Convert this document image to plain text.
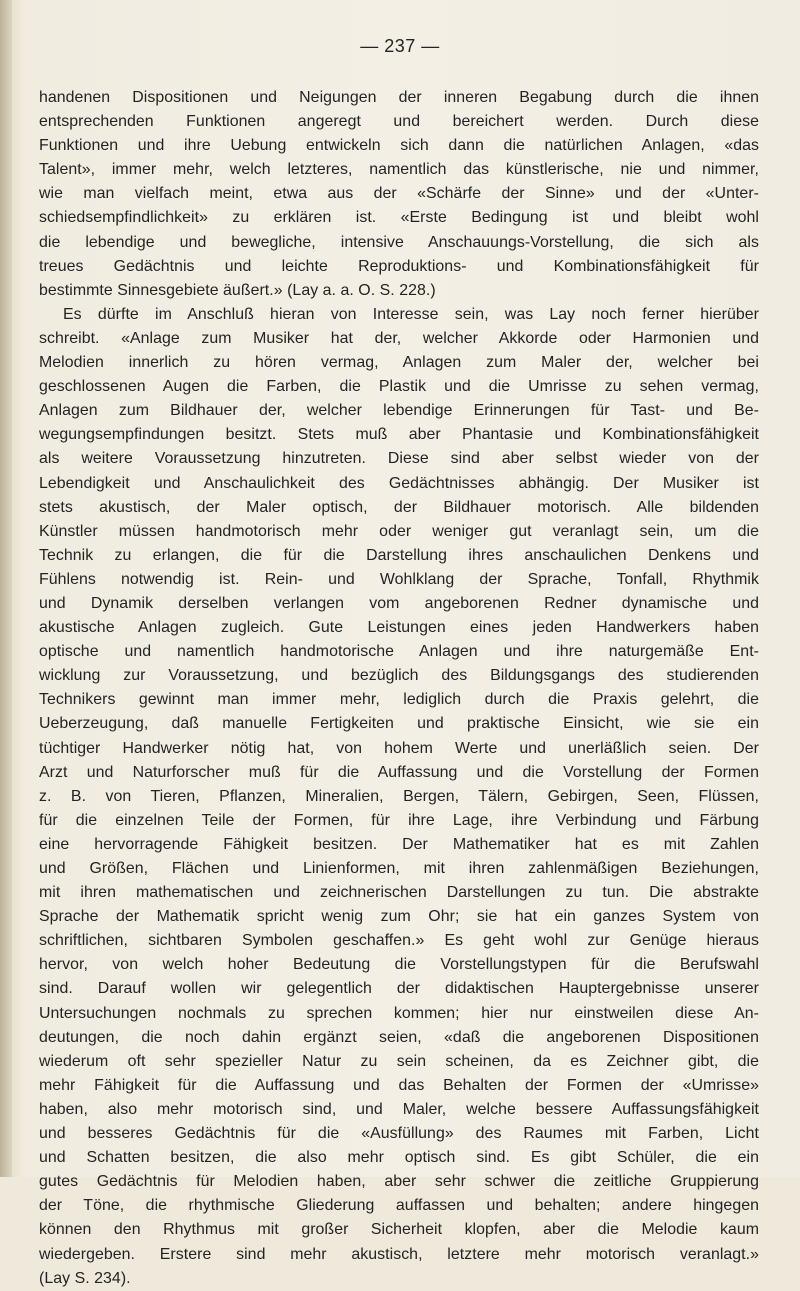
— 237 —
handenen Dispositionen und Neigungen der inneren Begabung durch die ihnen
entsprechenden Funktionen angeregt und bereichert werden. Durch diese
Funktionen und ihre Uebung entwickeln sich dann die natürlichen Anlagen, «das
Talent», immer mehr, welch letzteres, namentlich das künstlerische, nie und nimmer,
wie man vielfach meint, etwa aus der «Schärfe der Sinne» und der «Unter-
schiedsempfindlichkeit» zu erklären ist. «Erste Bedingung ist und bleibt wohl
die lebendige und bewegliche, intensive Anschauungs-Vorstellung, die sich als
treues Gedächtnis und leichte Reproduktions- und Kombinationsfähigkeit für
bestimmte Sinnesgebiete äußert.» (Lay a. a. O. S. 228.)
Es dürfte im Anschluß hieran von Interesse sein, was Lay noch ferner hierüber
schreibt. «Anlage zum Musiker hat der, welcher Akkorde oder Harmonien und
Melodien innerlich zu hören vermag, Anlagen zum Maler der, welcher bei
geschlossenen Augen die Farben, die Plastik und die Umrisse zu sehen vermag,
Anlagen zum Bildhauer der, welcher lebendige Erinnerungen für Tast- und Be-
wegungsempfindungen besitzt. Stets muß aber Phantasie und Kombinationsfähigkeit
als weitere Voraussetzung hinzutreten. Diese sind aber selbst wieder von der
Lebendigkeit und Anschaulichkeit des Gedächtnisses abhängig. Der Musiker ist
stets akustisch, der Maler optisch, der Bildhauer motorisch. Alle bildenden
Künstler müssen handmotorisch mehr oder weniger gut veranlagt sein, um die
Technik zu erlangen, die für die Darstellung ihres anschaulichen Denkens und
Fühlens notwendig ist. Rein- und Wohlklang der Sprache, Tonfall, Rhythmik
und Dynamik derselben verlangen vom angeborenen Redner dynamische und
akustische Anlagen zugleich. Gute Leistungen eines jeden Handwerkers haben
optische und namentlich handmotorische Anlagen und ihre naturgemäße Ent-
wicklung zur Voraussetzung, und bezüglich des Bildungsgangs des studierenden
Technikers gewinnt man immer mehr, lediglich durch die Praxis gelehrt, die
Ueberzeugung, daß manuelle Fertigkeiten und praktische Einsicht, wie sie ein
tüchtiger Handwerker nötig hat, von hohem Werte und unerläßlich seien. Der
Arzt und Naturforscher muß für die Auffassung und die Vorstellung der Formen
z. B. von Tieren, Pflanzen, Mineralien, Bergen, Tälern, Gebirgen, Seen, Flüssen,
für die einzelnen Teile der Formen, für ihre Lage, ihre Verbindung und Färbung
eine hervorragende Fähigkeit besitzen. Der Mathematiker hat es mit Zahlen
und Größen, Flächen und Linienformen, mit ihren zahlenmäßigen Beziehungen,
mit ihren mathematischen und zeichnerischen Darstellungen zu tun. Die abstrakte
Sprache der Mathematik spricht wenig zum Ohr; sie hat ein ganzes System von
schriftlichen, sichtbaren Symbolen geschaffen.» Es geht wohl zur Genüge hieraus
hervor, von welch hoher Bedeutung die Vorstellungstypen für die Berufswahl
sind. Darauf wollen wir gelegentlich der didaktischen Hauptergebnisse unserer
Untersuchungen nochmals zu sprechen kommen; hier nur einstweilen diese An-
deutungen, die noch dahin ergänzt seien, «daß die angeborenen Dispositionen
wiederum oft sehr spezieller Natur zu sein scheinen, da es Zeichner gibt, die
mehr Fähigkeit für die Auffassung und das Behalten der Formen der «Umrisse»
haben, also mehr motorisch sind, und Maler, welche bessere Auffassungsfähigkeit
und besseres Gedächtnis für die «Ausfüllung» des Raumes mit Farben, Licht
und Schatten besitzen, die also mehr optisch sind. Es gibt Schüler, die ein
gutes Gedächtnis für Melodien haben, aber sehr schwer die zeitliche Gruppierung
der Töne, die rhythmische Gliederung auffassen und behalten; andere hingegen
können den Rhythmus mit großer Sicherheit klopfen, aber die Melodie kaum
wiedergeben. Erstere sind mehr akustisch, letztere mehr motorisch veranlagt.»
(Lay S. 234).
